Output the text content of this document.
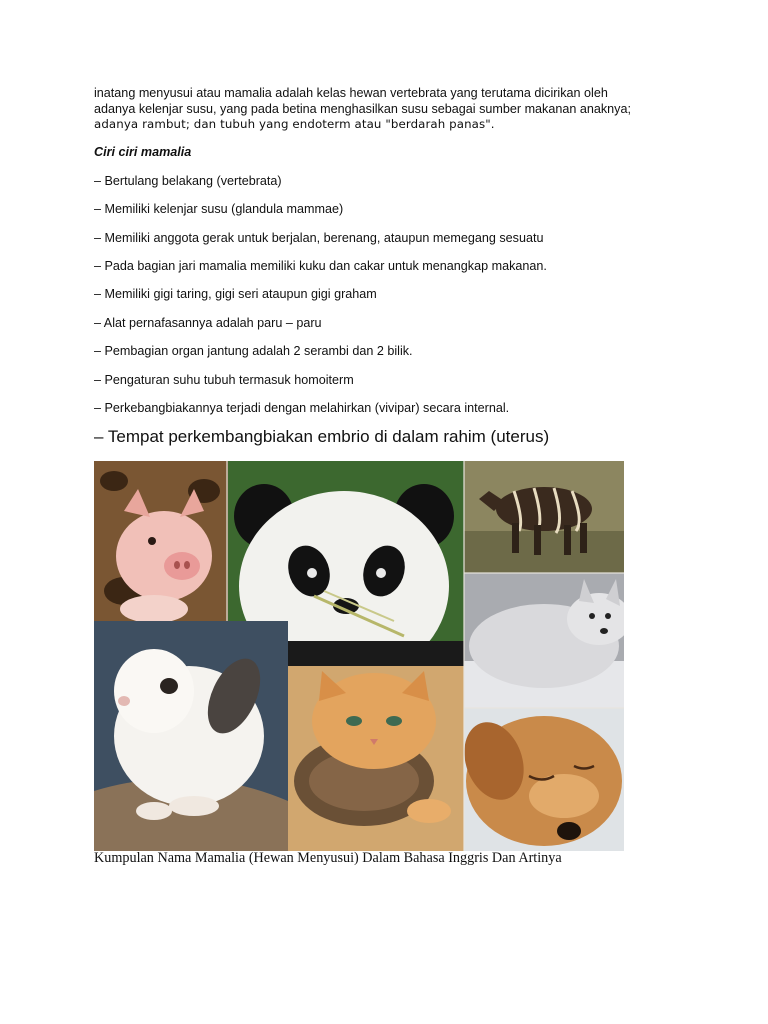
inatang menyusui atau mamalia adalah kelas hewan vertebrata yang terutama dicirikan oleh
adanya kelenjar susu, yang pada betina menghasilkan susu sebagai sumber makanan anaknya;
adanya rambut; dan tubuh yang endoterm atau "berdarah panas".

Ciri ciri mamalia

– Bertulang belakang (vertebrata)

– Memiliki kelenjar susu (glandula mammae)

– Memiliki anggota gerak untuk berjalan, berenang, ataupun memegang sesuatu

– Pada bagian jari mamalia memiliki kuku dan cakar untuk menangkap makanan.

– Memiliki gigi taring, gigi seri ataupun gigi graham

– Alat pernafasannya adalah paru – paru

– Pembagian organ jantung adalah 2 serambi dan 2 bilik.

– Pengaturan suhu tubuh termasuk homoiterm

– Perkebangbiakannya terjadi dengan melahirkan (vivipar) secara internal.

– Tempat perkembangbiakan embrio di dalam rahim (uterus)

Kumpulan Nama Mamalia (Hewan Menyusui) Dalam Bahasa Inggris Dan Artinya
